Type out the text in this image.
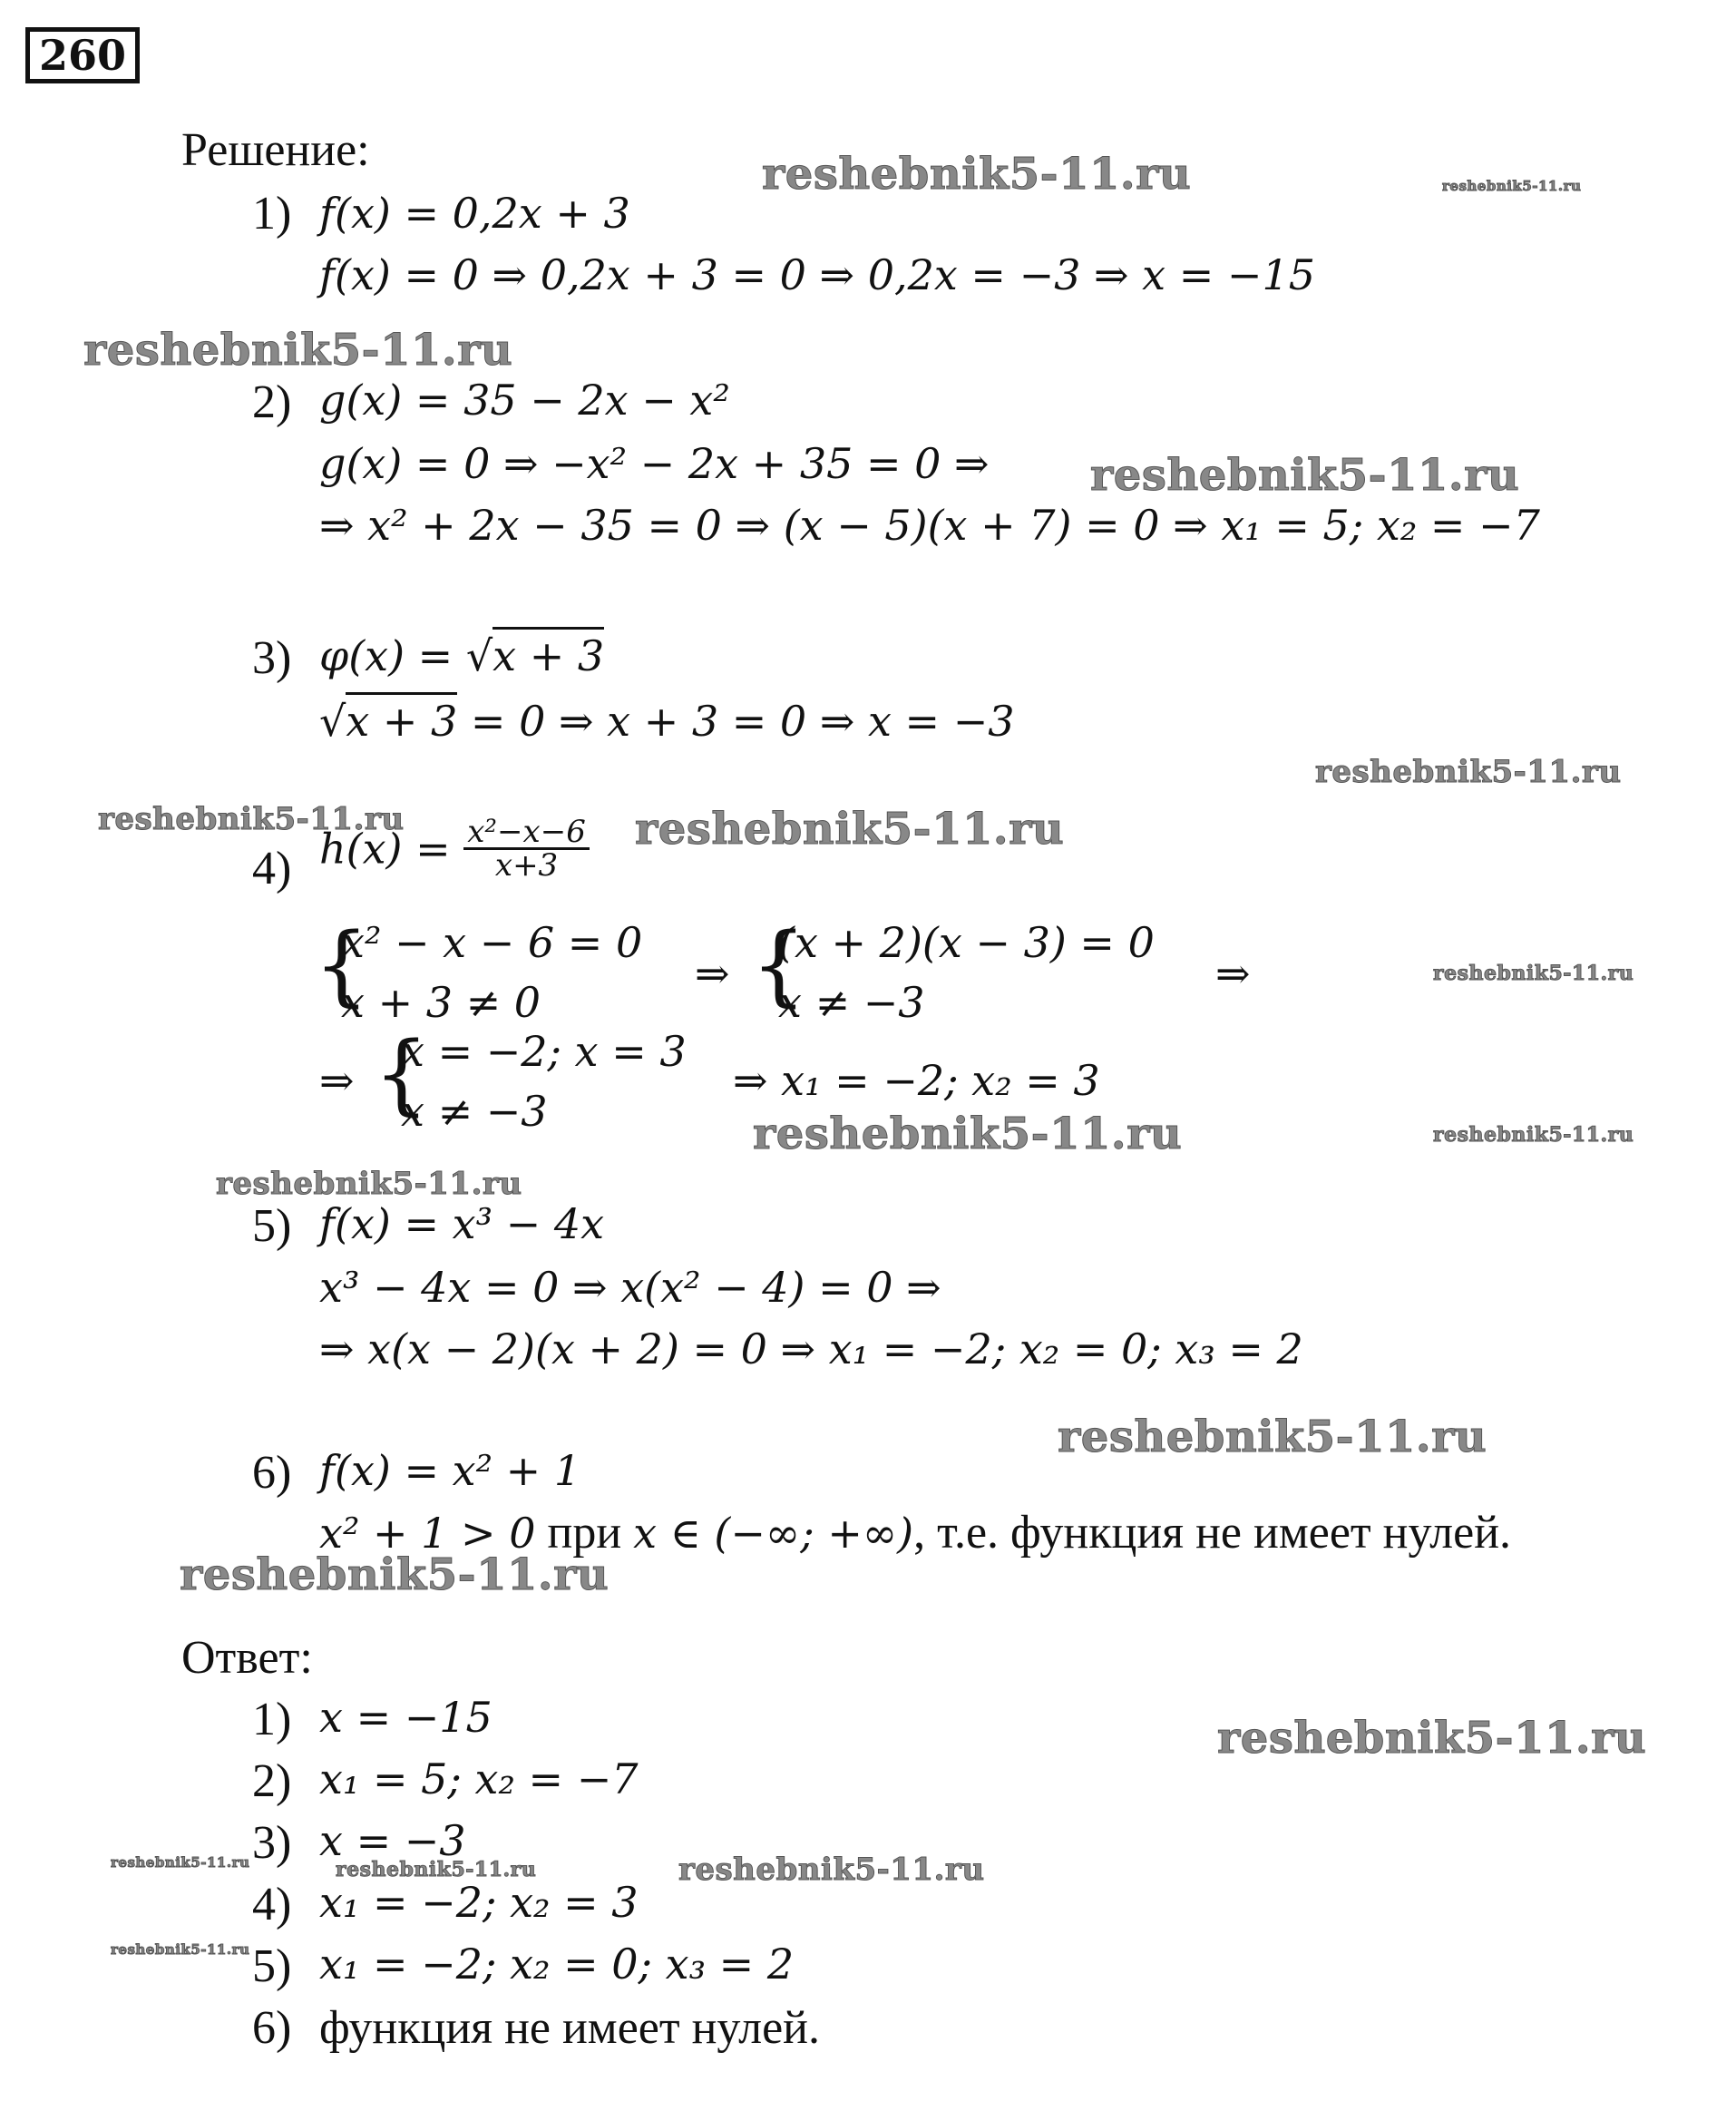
260
Решение:
1) f(x) = 0,2x + 3
f(x) = 0 ⇒ 0,2x + 3 = 0 ⇒ 0,2x = −3 ⇒ x = −15
2) g(x) = 35 − 2x − x²
g(x) = 0 ⇒ −x² − 2x + 35 = 0 ⇒
⇒ x² + 2x − 35 = 0 ⇒ (x − 5)(x + 7) = 0 ⇒ x₁ = 5; x₂ = −7
3) φ(x) = √x + 3
√x + 3 = 0 ⇒ x + 3 = 0 ⇒ x = −3
4) $h(x) = \frac{\text{x²−x−6}}{x+3}$
{
x² − x − 6 = 0
x + 3 ≠ 0
⇒ {
(x + 2)(x − 3) = 0
x ≠ −3
⇒
⇒ {
x = −2; x = 3
x ≠ −3
⇒ x₁ = −2; x₂ = 3
5) f(x) = x³ − 4x
x³ − 4x = 0 ⇒ x(x² − 4) = 0 ⇒
⇒ x(x − 2)(x + 2) = 0 ⇒ x₁ = −2; x₂ = 0; x₃ = 2
6) f(x) = x² + 1
x² + 1 > 0 при x ∈ (−∞; +∞), т.е. функция не имеет нулей.
Ответ:
1) x = −15
2) x₁ = 5; x₂ = −7
3) x = −3
4) x₁ = −2; x₂ = 3
5) x₁ = −2; x₂ = 0; x₃ = 2
6) функция не имеет нулей.
reshebnik5-11.ru	reshebnik5-11.ru
reshebnik5-11.ru
reshebnik5-11.ru
reshebnik5-11.ru
reshebnik5-11.ru	reshebnik5-11.ru
reshebnik5-11.ru
reshebnik5-11.ru	reshebnik5-11.ru
reshebnik5-11.ru
reshebnik5-11.ru
reshebnik5-11.ru
reshebnik5-11.ru
reshebnik5-11.ru	reshebnik5-11.ru	reshebnik5-11.ru
reshebnik5-11.ru
